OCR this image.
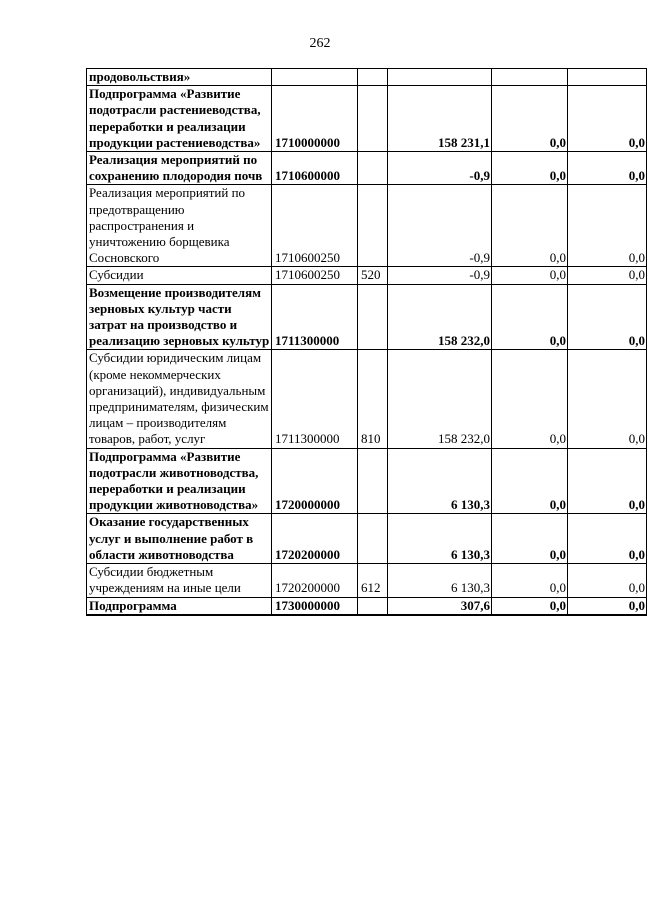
262
продовольствия»					
Подпрограмма «Развитие подотрасли растениеводства, переработки и реализации продукции растениеводства»	1710000000		158 231,1	0,0	0,0
Реализация мероприятий по сохранению плодородия почв	1710600000		-0,9	0,0	0,0
Реализация мероприятий по предотвращению распространения и уничтожению борщевика Сосновского	1710600250		-0,9	0,0	0,0
Субсидии	1710600250	520	-0,9	0,0	0,0
Возмещение производителям зерновых культур части затрат на производство и реализацию зерновых культур	1711300000		158 232,0	0,0	0,0
Субсидии юридическим лицам (кроме некоммерческих организаций), индивидуальным предпринимателям, физическим лицам – производителям товаров, работ, услуг	1711300000	810	158 232,0	0,0	0,0
Подпрограмма «Развитие подотрасли животноводства, переработки и реализации продукции животноводства»	1720000000		6 130,3	0,0	0,0
Оказание государственных услуг и выполнение работ в области животноводства	1720200000		6 130,3	0,0	0,0
Субсидии бюджетным учреждениям на иные цели	1720200000	612	6 130,3	0,0	0,0
Подпрограмма	1730000000		307,6	0,0	0,0
